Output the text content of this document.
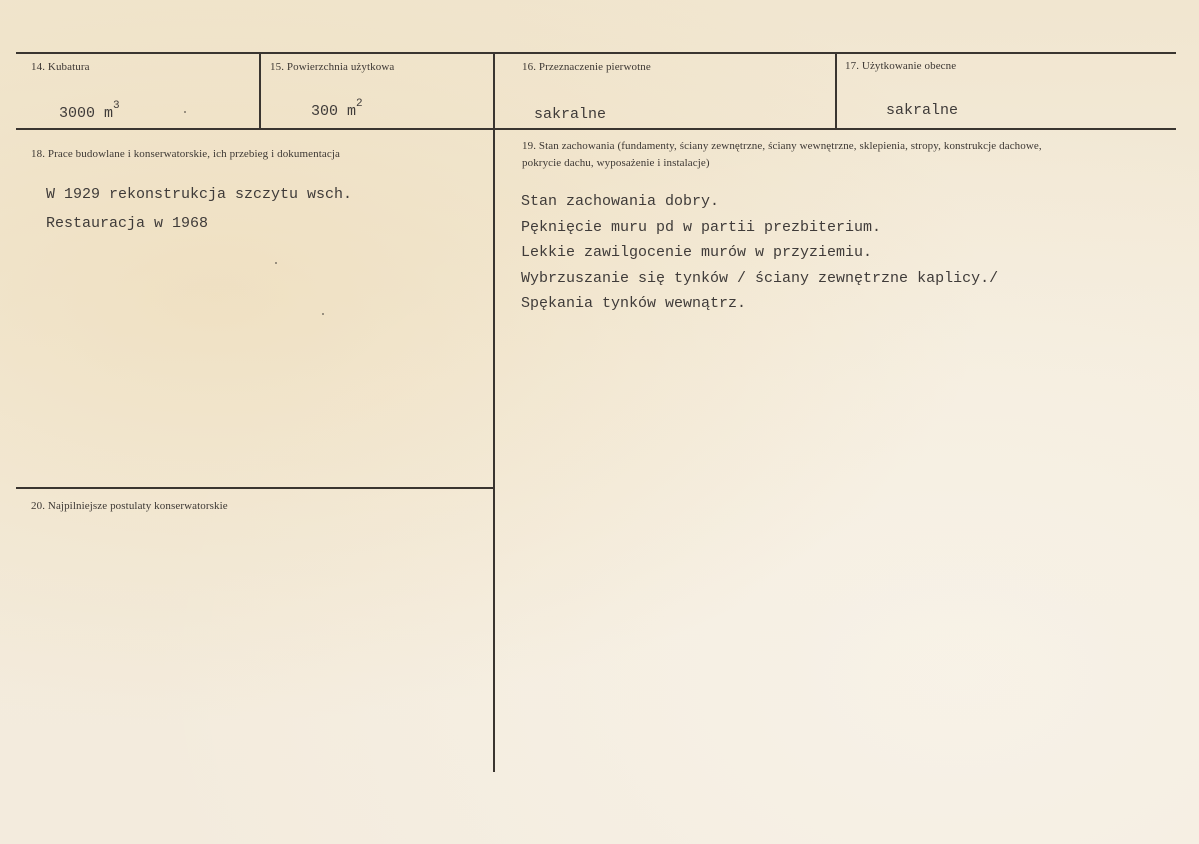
14. Kubatura
3000 $m^3$
15. Powierzchnia użytkowa
300 $m^2$
16. Przeznaczenie pierwotne
sakralne
17. Użytkowanie obecne
sakralne
18. Prace budowlane i konserwatorskie, ich przebieg i dokumentacja
W 1929 rekonstrukcja szczytu wsch.
Restauracja w 1968
19. Stan zachowania (fundamenty, ściany zewnętrzne, ściany wewnętrzne, sklepienia, stropy, konstrukcje dachowe, pokrycie dachu, wyposażenie i instalacje)
Stan zachowania dobry.
Pęknięcie muru pd w partii prezbiterium.
Lekkie zawilgocenie murów w przyziemiu.
Wybrzuszanie się tynków / ściany zewnętrzne kaplicy./
Spękania tynków wewnątrz.
20. Najpilniejsze postulaty konserwatorskie
